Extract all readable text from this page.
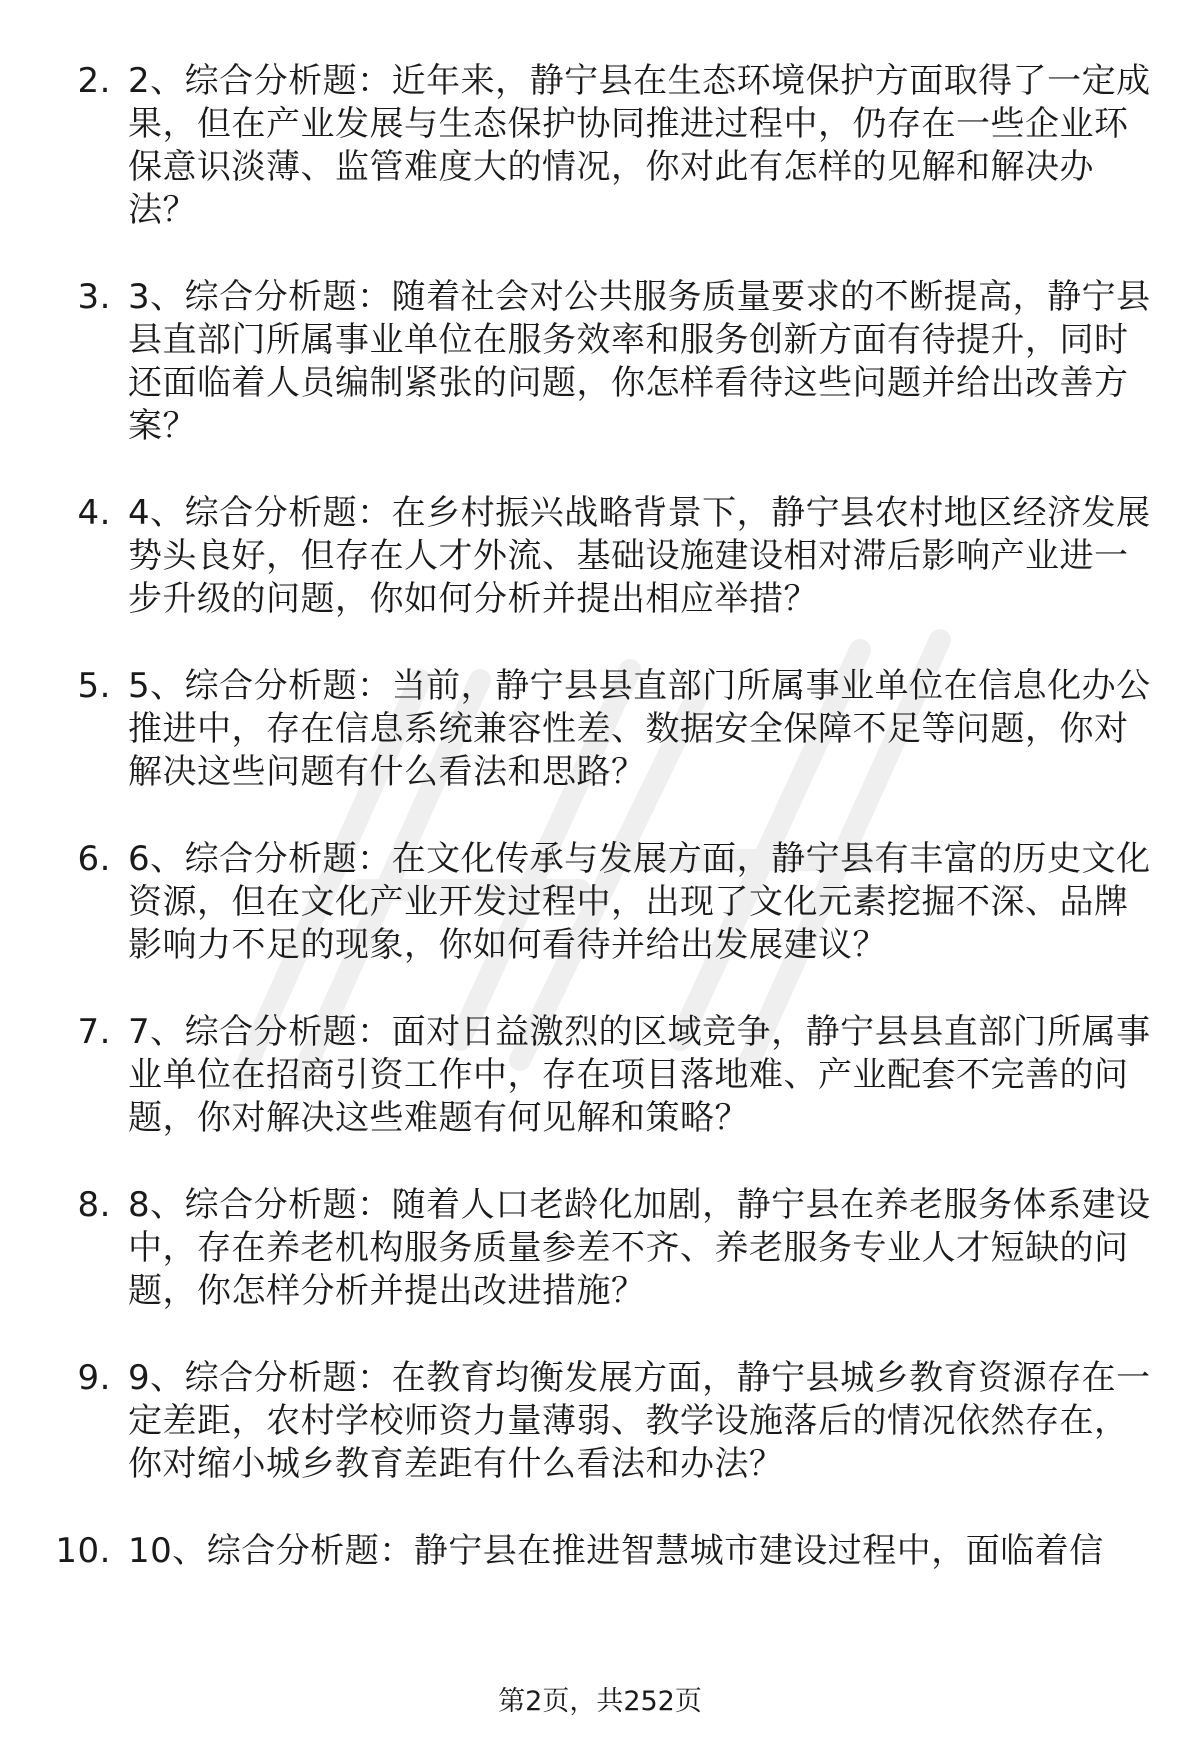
2. 2、综合分析题：近年来，静宁县在生态环境保护方面取得了一定成果，但在产业发展与生态保护协同推进过程中，仍存在一些企业环保意识淡薄、监管难度大的情况，你对此有怎样的见解和解决办法？
3. 3、综合分析题：随着社会对公共服务质量要求的不断提高，静宁县县直部门所属事业单位在服务效率和服务创新方面有待提升，同时还面临着人员编制紧张的问题，你怎样看待这些问题并给出改善方案？
4. 4、综合分析题：在乡村振兴战略背景下，静宁县农村地区经济发展势头良好，但存在人才外流、基础设施建设相对滞后影响产业进一步升级的问题，你如何分析并提出相应举措？
5. 5、综合分析题：当前，静宁县县直部门所属事业单位在信息化办公推进中，存在信息系统兼容性差、数据安全保障不足等问题，你对解决这些问题有什么看法和思路？
6. 6、综合分析题：在文化传承与发展方面，静宁县有丰富的历史文化资源，但在文化产业开发过程中，出现了文化元素挖掘不深、品牌影响力不足的现象，你如何看待并给出发展建议？
7. 7、综合分析题：面对日益激烈的区域竞争，静宁县县直部门所属事业单位在招商引资工作中，存在项目落地难、产业配套不完善的问题，你对解决这些难题有何见解和策略？
8. 8、综合分析题：随着人口老龄化加剧，静宁县在养老服务体系建设中，存在养老机构服务质量参差不齐、养老服务专业人才短缺的问题，你怎样分析并提出改进措施？
9. 9、综合分析题：在教育均衡发展方面，静宁县城乡教育资源存在一定差距，农村学校师资力量薄弱、教学设施落后的情况依然存在，你对缩小城乡教育差距有什么看法和办法？
10. 10、综合分析题：静宁县在推进智慧城市建设过程中，面临着信
第2页，共252页
